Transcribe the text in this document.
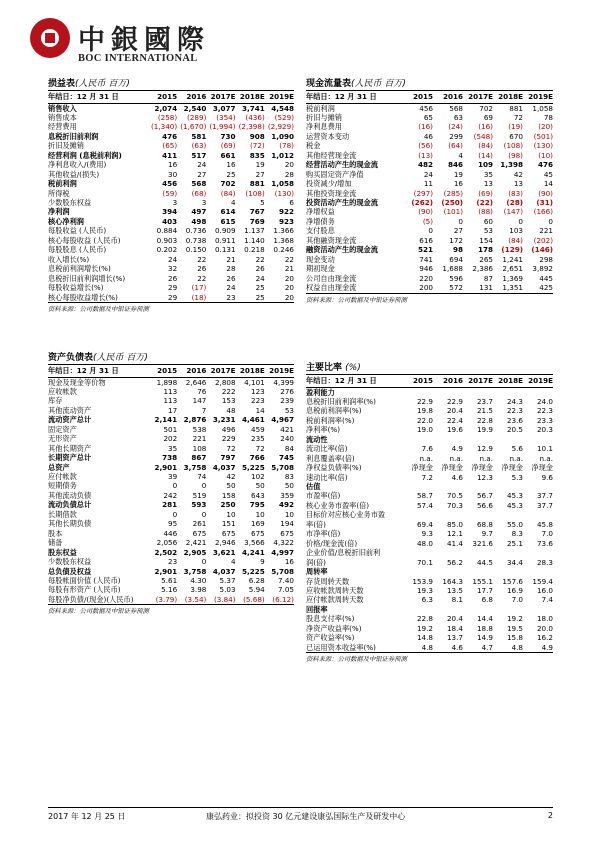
中銀國際
BOC INTERNATIONAL
损益表(人民币 百万)
年结日：12 月 31 日	2015	2016	2017E	2018E	2019E
销售收入	2,074	2,540	3,077	3,741	4,548
销售成本	(258)	(289)	(354)	(436)	(529)
经营费用	(1,340)	(1,670)	(1,994)	(2,398)	(2,929)
息税折旧前利润	476	581	730	908	1,090
折旧及摊销	(65)	(63)	(69)	(72)	(78)
经营利润 (息税前利润)	411	517	661	835	1,012
净利息收入/(费用)	16	24	16	19	20
其他收益/(损失)	30	27	25	27	28
税前利润	456	568	702	881	1,058
所得税	(59)	(68)	(84)	(108)	(130)
少数股东权益	3	3	4	5	6
净利润	394	497	614	767	922
核心净利润	403	498	615	769	923
每股收益 (人民币)	0.884	0.736	0.909	1.137	1.366
核心每股收益 (人民币)	0.903	0.738	0.911	1.140	1.368
每股股息 (人民币)	0.202	0.150	0.131	0.218	0.246
收入增长(%)	24	22	21	22	22
息税前利润增长(%)	32	26	28	26	21
息税折旧前利润增长(%)	26	22	26	24	20
每股收益增长(%)	29	(17)	24	25	20
核心每股收益增长(%)	29	(18)	23	25	20
资料来源：公司数据及中银证券预测
资产负债表(人民币 百万)
年结日：12 月 31 日	2015	2016	2017E	2018E	2019E
现金及现金等价物	1,898	2,646	2,808	4,101	4,399
应收帐款	113	76	222	123	276
库存	113	147	153	223	239
其他流动资产	17	7	48	14	53
流动资产总计	2,141	2,876	3,231	4,461	4,967
固定资产	501	538	496	459	421
无形资产	202	221	229	235	240
其他长期资产	35	108	72	72	84
长期资产总计	738	867	797	766	745
总资产	2,901	3,758	4,037	5,225	5,708
应付帐款	39	74	42	102	83
短期债务	0	0	50	50	50
其他流动负债	242	519	158	643	359
流动负债总计	281	593	250	795	492
长期借款	0	0	10	10	10
其他长期负债	95	261	151	169	194
股本	446	675	675	675	675
储备	2,056	2,421	2,946	3,566	4,322
股东权益	2,502	2,905	3,621	4,241	4,997
少数股东权益	23	0	4	9	16
总负债及权益	2,901	3,758	4,037	5,225	5,708
每股帐面价值 (人民币)	5.61	4.30	5.37	6.28	7.40
每股有形资产 (人民币)	5.16	3.98	5.03	5.94	7.05
每股净负债/(现金)(人民币)	(3.79)	(3.54)	(3.84)	(5.68)	(6.12)
资料来源：公司数据及中银证券预测
现金流量表(人民币 百万)
年结日：12 月 31 日	2015	2016	2017E	2018E	2019E
税前利润	456	568	702	881	1,058
折旧与摊销	65	63	69	72	78
净利息费用	(16)	(24)	(16)	(19)	(20)
运营资本变动	46	299	(548)	670	(501)
税金	(56)	(64)	(84)	(108)	(130)
其他经营现金流	(13)	4	(14)	(98)	(10)
经营活动产生的现金流	482	846	109	1,398	476
购买固定资产净值	24	19	35	42	45
投资减少/增加	11	16	13	13	14
其他投资现金流	(297)	(285)	(69)	(83)	(90)
投资活动产生的现金流	(262)	(250)	(22)	(28)	(31)
净增权益	(90)	(101)	(88)	(147)	(166)
净增债务	(5)	0	60	0	0
支付股息	0	27	53	103	221
其他融资现金流	616	172	154	(84)	(202)
融资活动产生的现金流	521	98	178	(129)	(146)
现金变动	741	694	265	1,241	298
期初现金	946	1,688	2,386	2,651	3,892
公司自由现金流	220	596	87	1,369	445
权益自由现金流	200	572	131	1,351	425
资料来源：公司数据及中银证券预测
主要比率 (%)
年结日：12 月 31 日	2015	2016	2017E	2018E	2019E
盈利能力					
息税折旧前利润率(%)	22.9	22.9	23.7	24.3	24.0
息税前利润率(%)	19.8	20.4	21.5	22.3	22.3
税前利润率(%)	22.0	22.4	22.8	23.6	23.3
净利率(%)	19.0	19.6	19.9	20.5	20.3
流动性					
流动比率(倍)	7.6	4.9	12.9	5.6	10.1
利息覆盖率(倍)	n.a.	n.a.	n.a.	n.a.	n.a.
净权益负债率(%)	净现金	净现金	净现金	净现金	净现金
速动比率(倍)	7.2	4.6	12.3	5.3	9.6
估值					
市盈率(倍)	58.7	70.5	56.7	45.3	37.7
核心业务市盈率(倍)	57.4	70.3	56.6	45.3	37.7
目标价对应核心业务市盈					
率(倍)	69.4	85.0	68.8	55.0	45.8
市净率(倍)	9.3	12.1	9.7	8.3	7.0
价格/现金流(倍)	48.0	41.4	321.6	25.1	73.6
企业价值/息税折旧前利					
润(倍)	70.1	56.2	44.5	34.4	28.3
周转率					
存货周转天数	153.9	164.3	155.1	157.6	159.4
应收帐款周转天数	19.3	13.5	17.7	16.9	16.0
应付帐款周转天数	6.3	8.1	6.8	7.0	7.4
回报率					
股息支付率(%)	22.8	20.4	14.4	19.2	18.0
净资产收益率(%)	19.2	18.4	18.8	19.5	20.0
资产收益率(%)	14.8	13.7	14.9	15.8	16.2
已运用资本收益率(%)	4.8	4.6	4.7	4.8	4.9
资料来源：公司数据及中银证券预测
2017 年 12 月 25 日	康弘药业：拟投资 30 亿元建设康弘国际生产及研发中心	2
